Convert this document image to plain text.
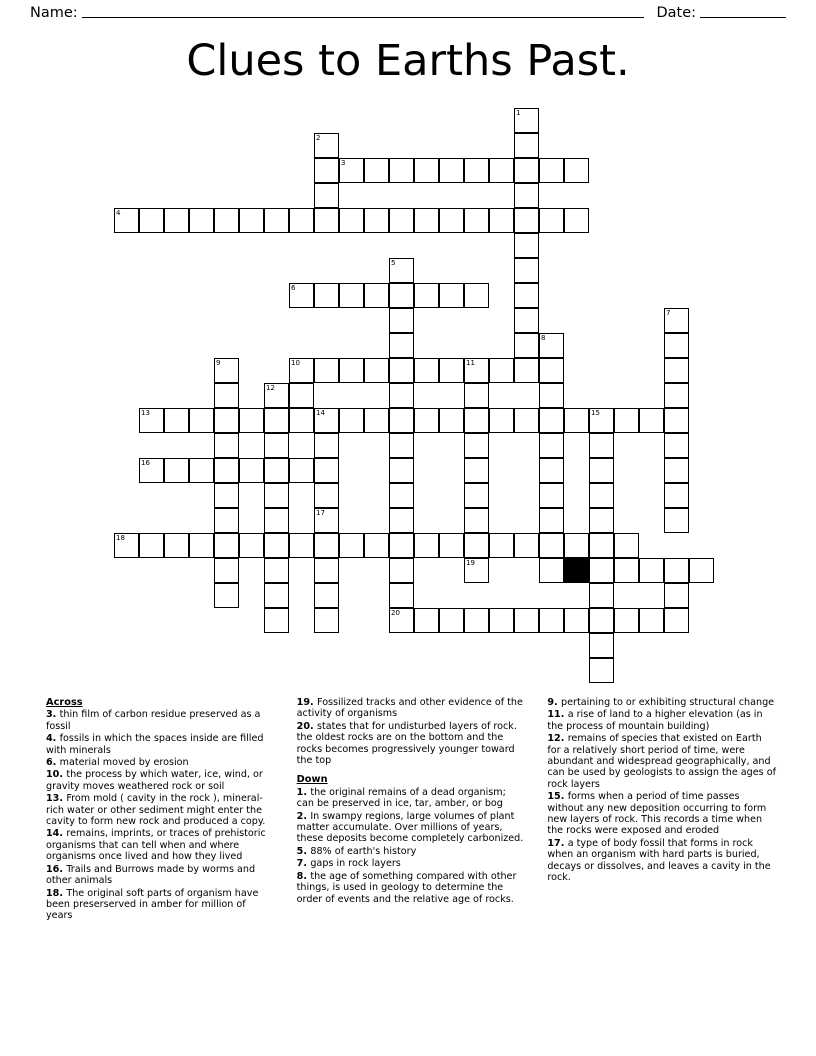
Name:	Date:
Clues to Earths Past.
1
2
3
4
5
6
7
8
9	10	11
12
13	14	15
16
17
18
19
20
Across
3. thin film of carbon residue preserved as a fossil
4. fossils in which the spaces inside are filled with minerals
6. material moved by erosion
10. the process by which water, ice, wind, or gravity moves weathered rock or soil
13. From mold ( cavity in the rock ), mineral-rich water or other sediment might enter the cavity to form new rock and produced a copy.
14. remains, imprints, or traces of prehistoric organisms that can tell when and where organisms once lived and how they lived
16. Trails and Burrows made by worms and other animals
18. The original soft parts of organism have been preserserved in amber for million of years
19. Fossilized tracks and other evidence of the activity of organisms
20. states that for undisturbed layers of rock. the oldest rocks are on the bottom and the rocks becomes progressively younger toward the top
Down
1. the original remains of a dead organism; can be preserved in ice, tar, amber, or bog
2. In swampy regions, large volumes of plant matter accumulate. Over millions of years, these deposits become completely carbonized.
5. 88% of earth's history
7. gaps in rock layers
8. the age of something compared with other things, is used in geology to determine the order of events and the relative age of rocks.
9. pertaining to or exhibiting structural change
11. a rise of land to a higher elevation (as in the process of mountain building)
12. remains of species that existed on Earth for a relatively short period of time, were abundant and widespread geographically, and can be used by geologists to assign the ages of rock layers
15. forms when a period of time passes without any new deposition occurring to form new layers of rock. This records a time when the rocks were exposed and eroded
17. a type of body fossil that forms in rock when an organism with hard parts is buried, decays or dissolves, and leaves a cavity in the rock.
